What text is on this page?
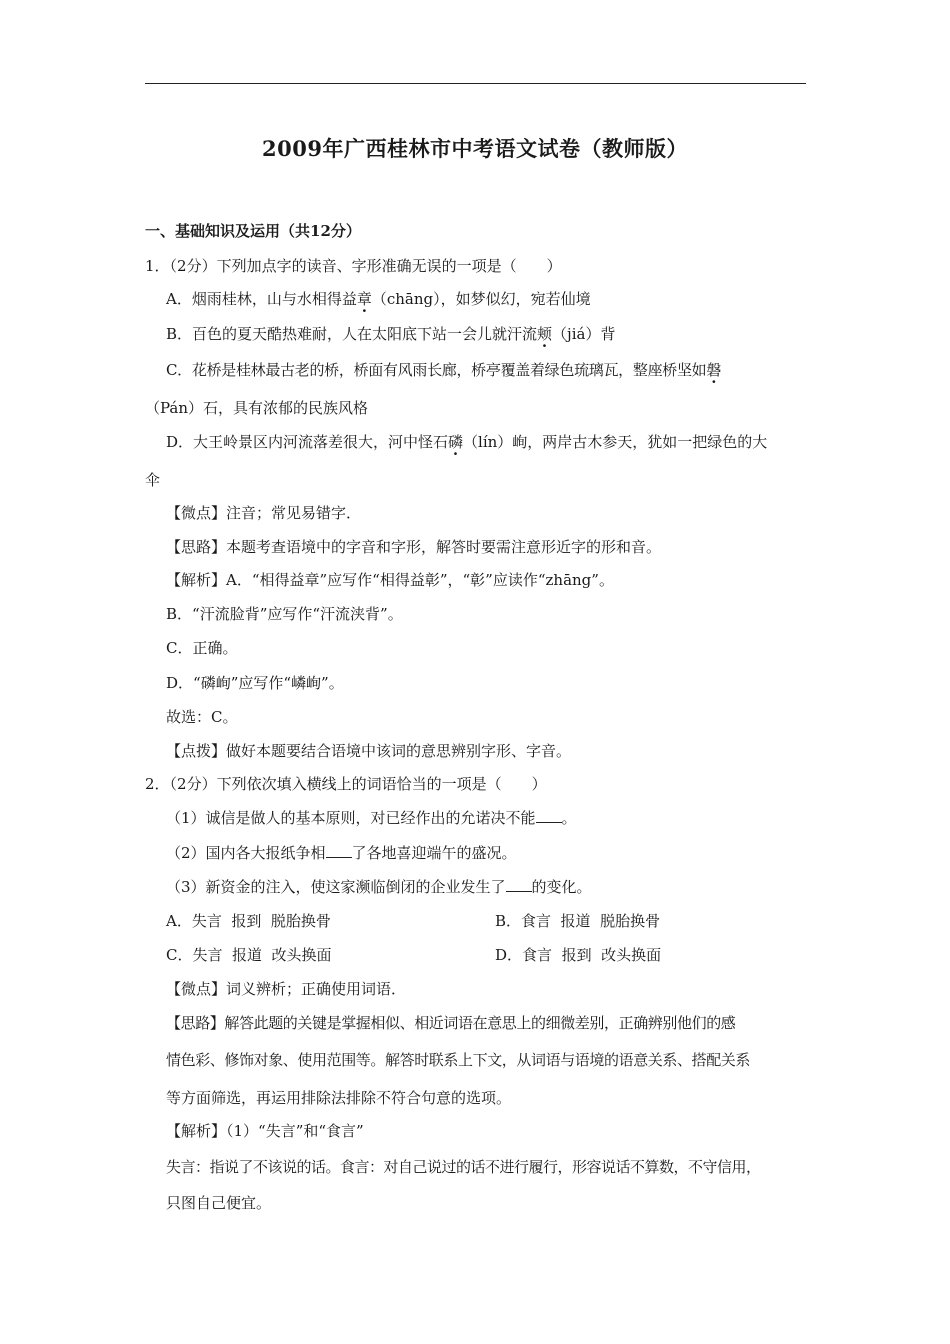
2009年广西桂林市中考语文试卷（教师版）
一、基础知识及运用（共12分）
1．（2分）下列加点字的读音、字形准确无误的一项是（　　）
A．烟雨桂林，山与水相得益章（chāng），如梦似幻，宛若仙境
B．百色的夏天酷热难耐，人在太阳底下站一会儿就汗流颊（jiá）背
C．花桥是桂林最古老的桥，桥面有风雨长廊，桥亭覆盖着绿色琉璃瓦，整座桥坚如磐
（Pán）石，具有浓郁的民族风格
D．大王岭景区内河流落差很大，河中怪石磷（lín）峋，两岸古木参天，犹如一把绿色的大
伞
【微点】注音；常见易错字．
【思路】本题考查语境中的字音和字形，解答时要需注意形近字的形和音。
【解析】A．“相得益章”应写作“相得益彰”，“彰”应读作“zhāng”。
B．“汗流脸背”应写作“汗流浃背”。
C．正确。
D．“磷峋”应写作“嶙峋”。
故选：C。
【点拨】做好本题要结合语境中该词的意思辨别字形、字音。
2．（2分）下列依次填入横线上的词语恰当的一项是（　　）
（1）诚信是做人的基本原则，对已经作出的允诺决不能 。
（2）国内各大报纸争相 了各地喜迎端午的盛况。
（3）新资金的注入，使这家濒临倒闭的企业发生了 的变化。
A．失言  报到  脱胎换骨	B．食言  报道  脱胎换骨
C．失言  报道  改头换面	D．食言  报到  改头换面
【微点】词义辨析；正确使用词语．
【思路】解答此题的关键是掌握相似、相近词语在意思上的细微差别，正确辨别他们的感
情色彩、修饰对象、使用范围等。解答时联系上下文，从词语与语境的语意关系、搭配关系
等方面筛选，再运用排除法排除不符合句意的选项。
【解析】（1）“失言”和“食言”
失言：指说了不该说的话。食言：对自己说过的话不进行履行，形容说话不算数，不守信用，
只图自己便宜。
